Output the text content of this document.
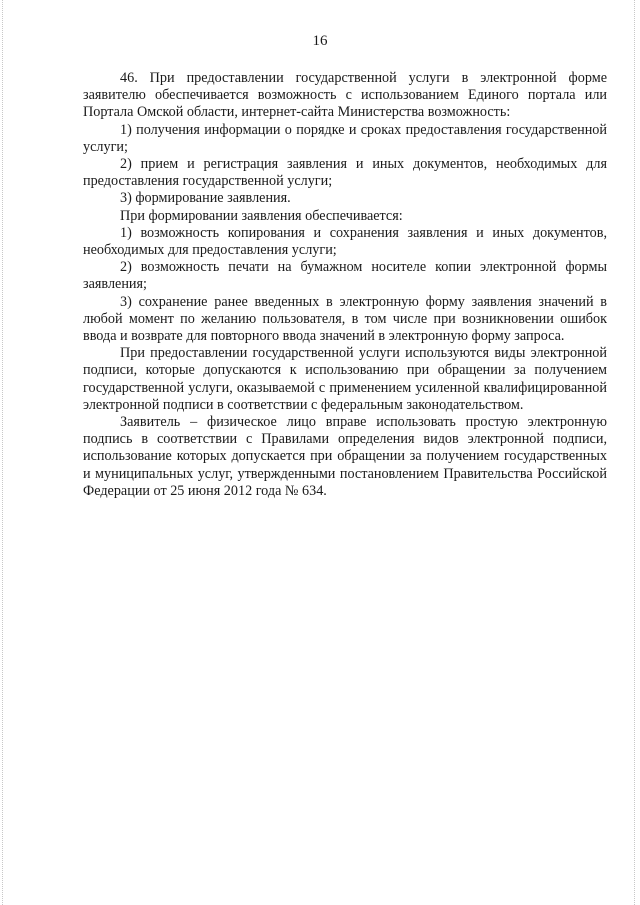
16

46. При предоставлении государственной услуги в электронной форме заявителю обеспечивается возможность с использованием Единого портала или Портала Омской области, интернет-сайта Министерства возможность:

1) получения информации о порядке и сроках предоставления государственной услуги;

2) прием и регистрация заявления и иных документов, необходимых для предоставления государственной услуги;

3) формирование заявления.

При формировании заявления обеспечивается:

1) возможность копирования и сохранения заявления и иных документов, необходимых для предоставления услуги;

2) возможность печати на бумажном носителе копии электронной формы заявления;

3) сохранение ранее введенных в электронную форму заявления значений в любой момент по желанию пользователя, в том числе при возникновении ошибок ввода и возврате для повторного ввода значений в электронную форму запроса.

При предоставлении государственной услуги используются виды электронной подписи, которые допускаются к использованию при обращении за получением государственной услуги, оказываемой с применением усиленной квалифицированной электронной подписи в соответствии с федеральным законодательством.

Заявитель – физическое лицо вправе использовать простую электронную подпись в соответствии с Правилами определения видов электронной подписи, использование которых допускается при обращении за получением государственных и муниципальных услуг, утвержденными постановлением Правительства Российской Федерации от 25 июня 2012 года № 634.
